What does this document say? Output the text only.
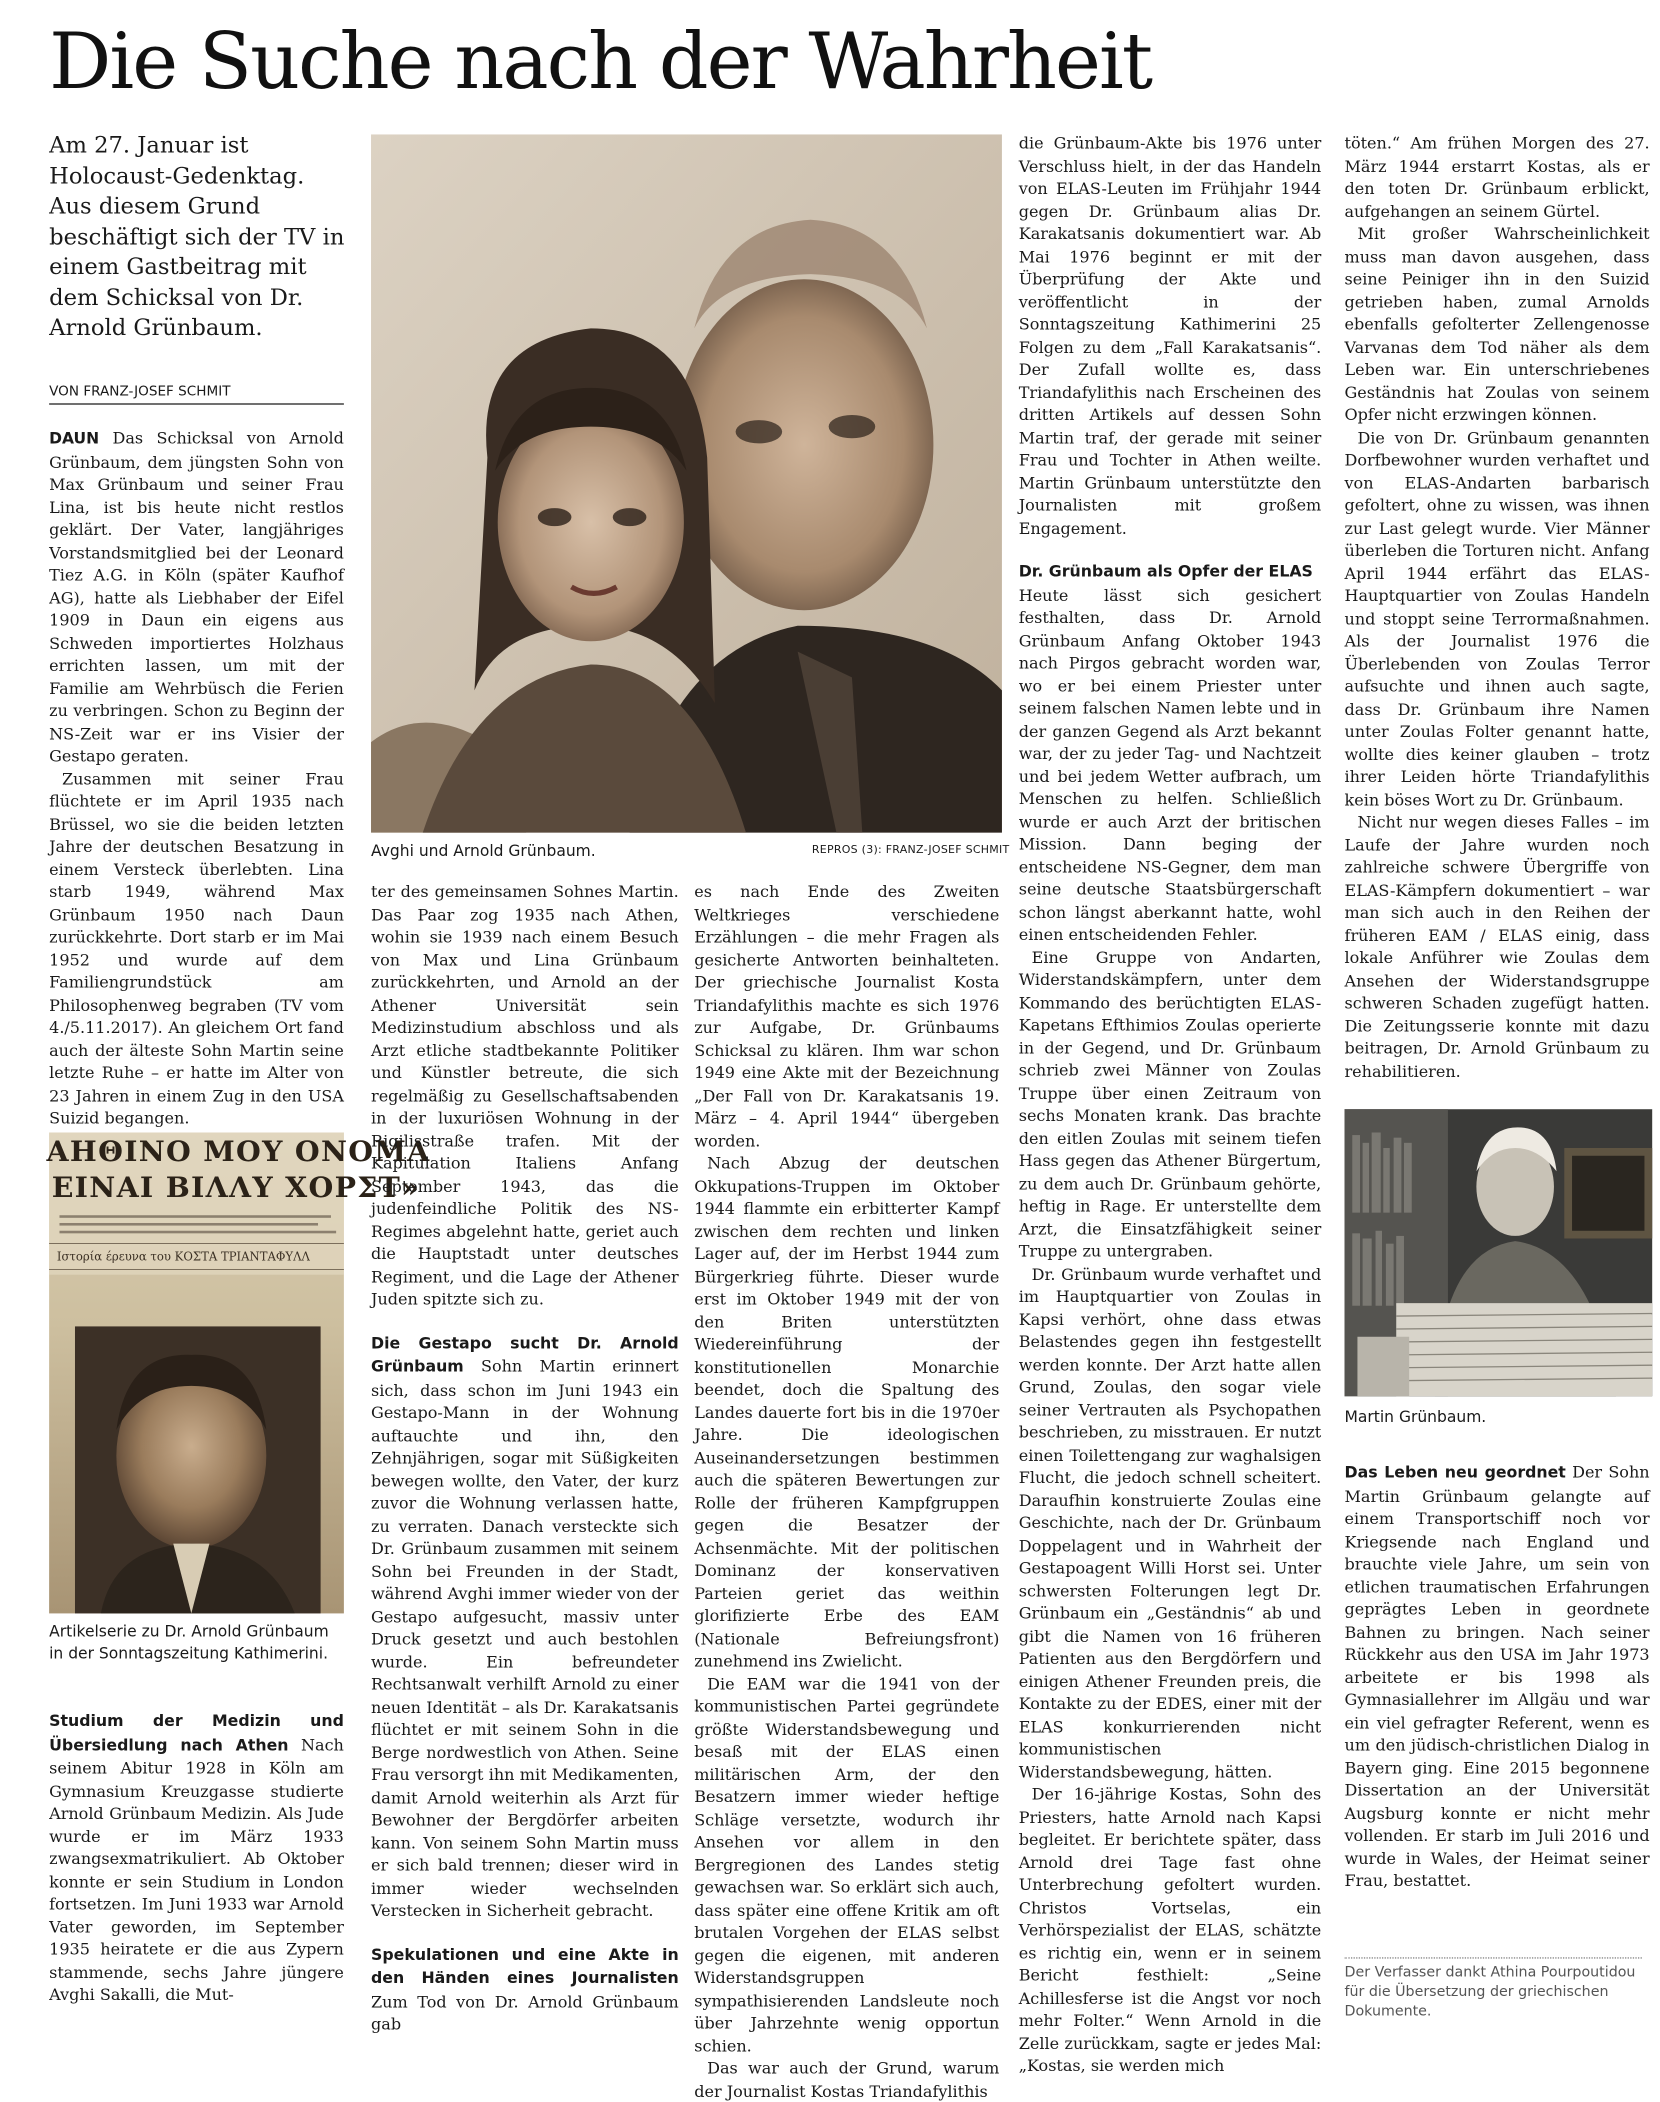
Die Suche nach der Wahrheit

Am 27. Januar ist Holocaust-Gedenktag. Aus diesem Grund beschäftigt sich der TV in einem Gastbeitrag mit dem Schicksal von Dr. Arnold Grünbaum.

VON FRANZ-JOSEF SCHMIT

DAUN Das Schicksal von Arnold Grünbaum, dem jüngsten Sohn von Max Grünbaum und seiner Frau Lina, ist bis heute nicht restlos geklärt. Der Vater, langjähriges Vorstandsmitglied bei der Leonard Tiez A.G. in Köln (später Kaufhof AG), hatte als Liebhaber der Eifel 1909 in Daun ein eigens aus Schweden importiertes Holzhaus errichten lassen, um mit der Familie am Wehrbüsch die Ferien zu verbringen. Schon zu Beginn der NS-Zeit war er ins Visier der Gestapo geraten.

Zusammen mit seiner Frau flüchtete er im April 1935 nach Brüssel, wo sie die beiden letzten Jahre der deutschen Besatzung in einem Versteck überlebten. Lina starb 1949, während Max Grünbaum 1950 nach Daun zurückkehrte. Dort starb er im Mai 1952 und wurde auf dem Familiengrundstück am Philosophenweg begraben (TV vom 4./5.11.2017). An gleichem Ort fand auch der älteste Sohn Martin seine letzte Ruhe – er hatte im Alter von 23 Jahren in einem Zug in den USA Suizid begangen.

ΑΗΘΙΝΟ ΜΟΥ ΟΝΟΜΑ
ΕΙΝΑΙ ΒΙΛΛΥ ΧΟΡΣΤ»
Ιστορία έρευνα του ΚΟΣΤΑ ΤΡΙΑΝΤΑΦΥΛΛ
Artikelserie zu Dr. Arnold Grünbaum in der Sonntagszeitung Kathimerini.

Studium der Medizin und Übersiedlung nach Athen Nach seinem Abitur 1928 in Köln am Gymnasium Kreuzgasse studierte Arnold Grünbaum Medizin. Als Jude wurde er im März 1933 zwangsexmatrikuliert. Ab Oktober konnte er sein Studium in London fortsetzen. Im Juni 1933 war Arnold Vater geworden, im September 1935 heiratete er die aus Zypern stammende, sechs Jahre jüngere Avghi Sakalli, die Mut-

Avghi und Arnold Grünbaum.	REPROS (3): FRANZ-JOSEF SCHMIT

ter des gemeinsamen Sohnes Martin. Das Paar zog 1935 nach Athen, wohin sie 1939 nach einem Besuch von Max und Lina Grünbaum zurückkehrten, und Arnold an der Athener Universität sein Medizinstudium abschloss und als Arzt etliche stadtbekannte Politiker und Künstler betreute, die sich regelmäßig zu Gesellschaftsabenden in der luxuriösen Wohnung in der Rigilisstraße trafen. Mit der Kapitulation Italiens Anfang September 1943, das die judenfeindliche Politik des NS-Regimes abgelehnt hatte, geriet auch die Hauptstadt unter deutsches Regiment, und die Lage der Athener Juden spitzte sich zu.

Die Gestapo sucht Dr. Arnold Grünbaum Sohn Martin erinnert sich, dass schon im Juni 1943 ein Gestapo-Mann in der Wohnung auftauchte und ihn, den Zehnjährigen, sogar mit Süßigkeiten bewegen wollte, den Vater, der kurz zuvor die Wohnung verlassen hatte, zu verraten. Danach versteckte sich Dr. Grünbaum zusammen mit seinem Sohn bei Freunden in der Stadt, während Avghi immer wieder von der Gestapo aufgesucht, massiv unter Druck gesetzt und auch bestohlen wurde. Ein befreundeter Rechtsanwalt verhilft Arnold zu einer neuen Identität – als Dr. Karakatsanis flüchtet er mit seinem Sohn in die Berge nordwestlich von Athen. Seine Frau versorgt ihn mit Medikamenten, damit Arnold weiterhin als Arzt für Bewohner der Bergdörfer arbeiten kann. Von seinem Sohn Martin muss er sich bald trennen; dieser wird in immer wieder wechselnden Verstecken in Sicherheit gebracht.

Spekulationen und eine Akte in den Händen eines Journalisten Zum Tod von Dr. Arnold Grünbaum gab

es nach Ende des Zweiten Weltkrieges verschiedene Erzählungen – die mehr Fragen als gesicherte Antworten beinhalteten. Der griechische Journalist Kosta Triandafylithis machte es sich 1976 zur Aufgabe, Dr. Grünbaums Schicksal zu klären. Ihm war schon 1949 eine Akte mit der Bezeichnung „Der Fall von Dr. Karakatsanis 19. März – 4. April 1944“ übergeben worden.

Nach Abzug der deutschen Okkupations-Truppen im Oktober 1944 flammte ein erbitterter Kampf zwischen dem rechten und linken Lager auf, der im Herbst 1944 zum Bürgerkrieg führte. Dieser wurde erst im Oktober 1949 mit der von den Briten unterstützten Wiedereinführung der konstitutionellen Monarchie beendet, doch die Spaltung des Landes dauerte fort bis in die 1970er Jahre. Die ideologischen Auseinandersetzungen bestimmen auch die späteren Bewertungen zur Rolle der früheren Kampfgruppen gegen die Besatzer der Achsenmächte. Mit der politischen Dominanz der konservativen Parteien geriet das weithin glorifizierte Erbe des EAM (Nationale Befreiungsfront) zunehmend ins Zwielicht.

Die EAM war die 1941 von der kommunistischen Partei gegründete größte Widerstandsbewegung und besaß mit der ELAS einen militärischen Arm, der den Besatzern immer wieder heftige Schläge versetzte, wodurch ihr Ansehen vor allem in den Bergregionen des Landes stetig gewachsen war. So erklärt sich auch, dass später eine offene Kritik am oft brutalen Vorgehen der ELAS selbst gegen die eigenen, mit anderen Widerstandsgruppen sympathisierenden Landsleute noch über Jahrzehnte wenig opportun schien.

Das war auch der Grund, warum der Journalist Kostas Triandafylithis

die Grünbaum-Akte bis 1976 unter Verschluss hielt, in der das Handeln von ELAS-Leuten im Frühjahr 1944 gegen Dr. Grünbaum alias Dr. Karakatsanis dokumentiert war. Ab Mai 1976 beginnt er mit der Überprüfung der Akte und veröffentlicht in der Sonntagszeitung Kathimerini 25 Folgen zu dem „Fall Karakatsanis“. Der Zufall wollte es, dass Triandafylithis nach Erscheinen des dritten Artikels auf dessen Sohn Martin traf, der gerade mit seiner Frau und Tochter in Athen weilte. Martin Grünbaum unterstützte den Journalisten mit großem Engagement.

Dr. Grünbaum als Opfer der ELAS
Heute lässt sich gesichert festhalten, dass Dr. Arnold Grünbaum Anfang Oktober 1943 nach Pirgos gebracht worden war, wo er bei einem Priester unter seinem falschen Namen lebte und in der ganzen Gegend als Arzt bekannt war, der zu jeder Tag- und Nachtzeit und bei jedem Wetter aufbrach, um Menschen zu helfen. Schließlich wurde er auch Arzt der britischen Mission. Dann beging der entscheidene NS-Gegner, dem man seine deutsche Staatsbürgerschaft schon längst aberkannt hatte, wohl einen entscheidenden Fehler.

Eine Gruppe von Andarten, Widerstandskämpfern, unter dem Kommando des berüchtigten ELAS-Kapetans Efthimios Zoulas operierte in der Gegend, und Dr. Grünbaum schrieb zwei Männer von Zoulas Truppe über einen Zeitraum von sechs Monaten krank. Das brachte den eitlen Zoulas mit seinem tiefen Hass gegen das Athener Bürgertum, zu dem auch Dr. Grünbaum gehörte, heftig in Rage. Er unterstellte dem Arzt, die Einsatzfähigkeit seiner Truppe zu untergraben.

Dr. Grünbaum wurde verhaftet und im Hauptquartier von Zoulas in Kapsi verhört, ohne dass etwas Belastendes gegen ihn festgestellt werden konnte. Der Arzt hatte allen Grund, Zoulas, den sogar viele seiner Vertrauten als Psychopathen beschrieben, zu misstrauen. Er nutzt einen Toilettengang zur waghalsigen Flucht, die jedoch schnell scheitert. Daraufhin konstruierte Zoulas eine Geschichte, nach der Dr. Grünbaum Doppelagent und in Wahrheit der Gestapoagent Willi Horst sei. Unter schwersten Folterungen legt Dr. Grünbaum ein „Geständnis“ ab und gibt die Namen von 16 früheren Patienten aus den Bergdörfern und einigen Athener Freunden preis, die Kontakte zu der EDES, einer mit der ELAS konkurrierenden nicht kommunistischen Widerstandsbewegung, hätten.

Der 16-jährige Kostas, Sohn des Priesters, hatte Arnold nach Kapsi begleitet. Er berichtete später, dass Arnold drei Tage fast ohne Unterbrechung gefoltert wurden. Christos Vortselas, ein Verhörspezialist der ELAS, schätzte es richtig ein, wenn er in seinem Bericht festhielt: „Seine Achillesferse ist die Angst vor noch mehr Folter.“ Wenn Arnold in die Zelle zurückkam, sagte er jedes Mal: „Kostas, sie werden mich

töten.“ Am frühen Morgen des 27. März 1944 erstarrt Kostas, als er den toten Dr. Grünbaum erblickt, aufgehangen an seinem Gürtel.

Mit großer Wahrscheinlichkeit muss man davon ausgehen, dass seine Peiniger ihn in den Suizid getrieben haben, zumal Arnolds ebenfalls gefolterter Zellengenosse Varvanas dem Tod näher als dem Leben war. Ein unterschriebenes Geständnis hat Zoulas von seinem Opfer nicht erzwingen können.

Die von Dr. Grünbaum genannten Dorfbewohner wurden verhaftet und von ELAS-Andarten barbarisch gefoltert, ohne zu wissen, was ihnen zur Last gelegt wurde. Vier Männer überleben die Torturen nicht. Anfang April 1944 erfährt das ELAS-Hauptquartier von Zoulas Handeln und stoppt seine Terrormaßnahmen. Als der Journalist 1976 die Überlebenden von Zoulas Terror aufsuchte und ihnen auch sagte, dass Dr. Grünbaum ihre Namen unter Zoulas Folter genannt hatte, wollte dies keiner glauben – trotz ihrer Leiden hörte Triandafylithis kein böses Wort zu Dr. Grünbaum.

Nicht nur wegen dieses Falles – im Laufe der Jahre wurden noch zahlreiche schwere Übergriffe von ELAS-Kämpfern dokumentiert – war man sich auch in den Reihen der früheren EAM / ELAS einig, dass lokale Anführer wie Zoulas dem Ansehen der Widerstandsgruppe schweren Schaden zugefügt hatten. Die Zeitungsserie konnte mit dazu beitragen, Dr. Arnold Grünbaum zu rehabilitieren.

Martin Grünbaum.

Das Leben neu geordnet Der Sohn Martin Grünbaum gelangte auf einem Transportschiff noch vor Kriegsende nach England und brauchte viele Jahre, um sein von etlichen traumatischen Erfahrungen geprägtes Leben in geordnete Bahnen zu bringen. Nach seiner Rückkehr aus den USA im Jahr 1973 arbeitete er bis 1998 als Gymnasiallehrer im Allgäu und war ein viel gefragter Referent, wenn es um den jüdisch-christlichen Dialog in Bayern ging. Eine 2015 begonnene Dissertation an der Universität Augsburg konnte er nicht mehr vollenden. Er starb im Juli 2016 und wurde in Wales, der Heimat seiner Frau, bestattet.

Der Verfasser dankt Athina Pourpoutidou für die Übersetzung der griechischen Dokumente.
